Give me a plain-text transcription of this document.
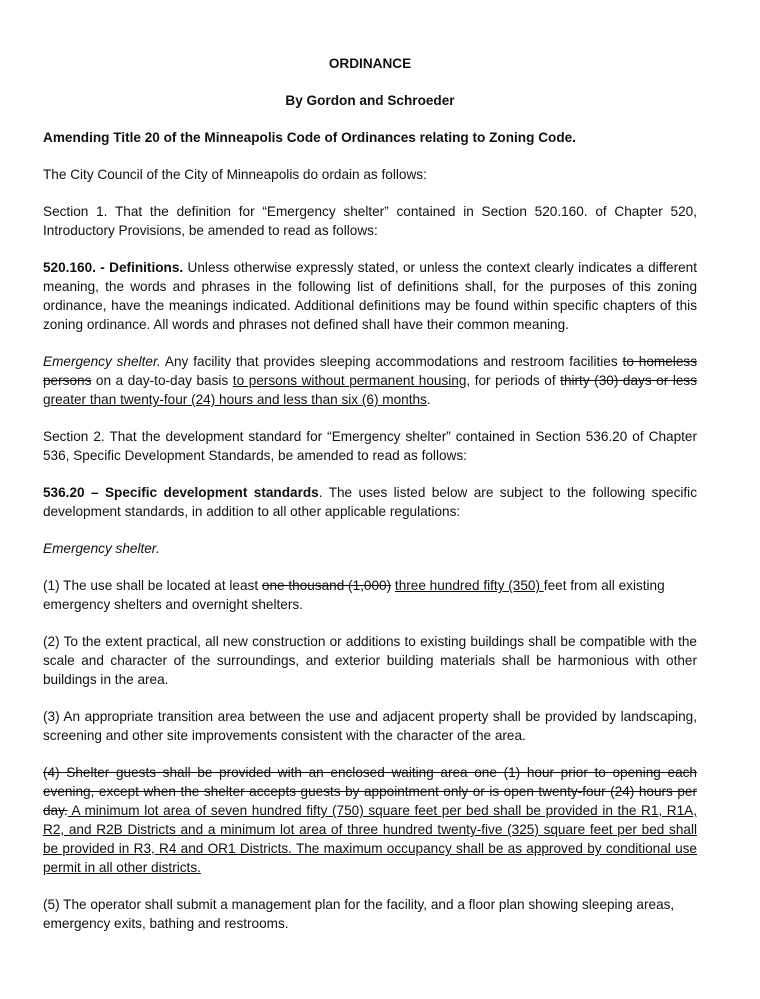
ORDINANCE

By Gordon and Schroeder

Amending Title 20 of the Minneapolis Code of Ordinances relating to Zoning Code.

The City Council of the City of Minneapolis do ordain as follows:

Section 1. That the definition for “Emergency shelter” contained in Section 520.160. of Chapter 520, Introductory Provisions, be amended to read as follows:

520.160. - Definitions. Unless otherwise expressly stated, or unless the context clearly indicates a different meaning, the words and phrases in the following list of definitions shall, for the purposes of this zoning ordinance, have the meanings indicated. Additional definitions may be found within specific chapters of this zoning ordinance. All words and phrases not defined shall have their common meaning.

Emergency shelter. Any facility that provides sleeping accommodations and restroom facilities to homeless persons on a day-to-day basis to persons without permanent housing, for periods of thirty (30) days or less greater than twenty-four (24) hours and less than six (6) months.

Section 2. That the development standard for “Emergency shelter” contained in Section 536.20 of Chapter 536, Specific Development Standards, be amended to read as follows:

536.20 – Specific development standards. The uses listed below are subject to the following specific development standards, in addition to all other applicable regulations:

Emergency shelter.

(1) The use shall be located at least one thousand (1,000) three hundred fifty (350) feet from all existing emergency shelters and overnight shelters.

(2) To the extent practical, all new construction or additions to existing buildings shall be compatible with the scale and character of the surroundings, and exterior building materials shall be harmonious with other buildings in the area.

(3) An appropriate transition area between the use and adjacent property shall be provided by landscaping, screening and other site improvements consistent with the character of the area.

(4) Shelter guests shall be provided with an enclosed waiting area one (1) hour prior to opening each evening, except when the shelter accepts guests by appointment only or is open twenty-four (24) hours per day. A minimum lot area of seven hundred fifty (750) square feet per bed shall be provided in the R1, R1A, R2, and R2B Districts and a minimum lot area of three hundred twenty-five (325) square feet per bed shall be provided in R3, R4 and OR1 Districts. The maximum occupancy shall be as approved by conditional use permit in all other districts.

(5) The operator shall submit a management plan for the facility, and a floor plan showing sleeping areas, emergency exits, bathing and restrooms.
